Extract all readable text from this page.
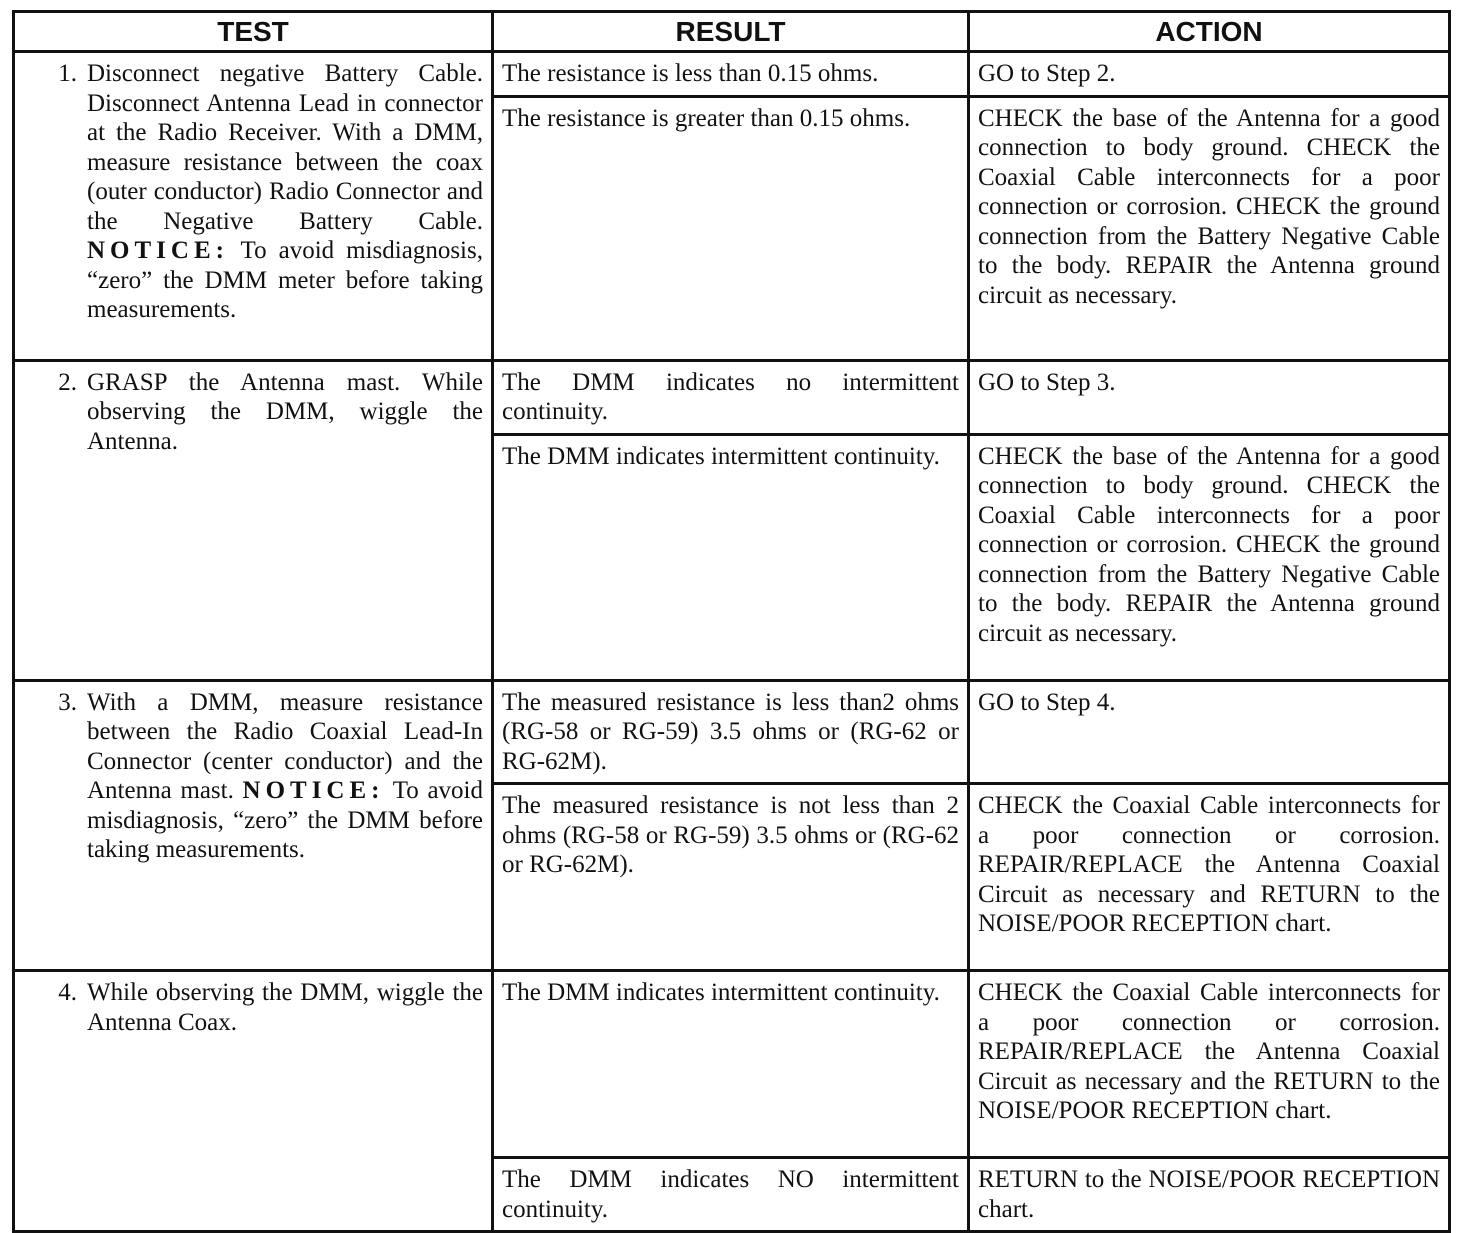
TEST	RESULT	ACTION

1. Disconnect negative Battery Cable. Disconnect Antenna Lead in connector at the Radio Receiver. With a DMM, measure resistance between the coax (outer conductor) Radio Connector and the Negative Battery Cable. NOTICE: To avoid misdiagnosis, “zero” the DMM meter before taking measurements.	The resistance is less than 0.15 ohms.	GO to Step 2.
	The resistance is greater than 0.15 ohms.	CHECK the base of the Antenna for a good connection to body ground. CHECK the Coaxial Cable interconnects for a poor connection or corrosion. CHECK the ground connection from the Battery Negative Cable to the body. REPAIR the Antenna ground circuit as necessary.

2. GRASP the Antenna mast. While observing the DMM, wiggle the Antenna.	The DMM indicates no intermittent continuity.	GO to Step 3.
	The DMM indicates intermittent continuity.	CHECK the base of the Antenna for a good connection to body ground. CHECK the Coaxial Cable interconnects for a poor connection or corrosion. CHECK the ground connection from the Battery Negative Cable to the body. REPAIR the Antenna ground circuit as necessary.

3. With a DMM, measure resistance between the Radio Coaxial Lead-In Connector (center conductor) and the Antenna mast. NOTICE: To avoid misdiagnosis, “zero” the DMM before taking measurements.	The measured resistance is less than2 ohms (RG-58 or RG-59) 3.5 ohms or (RG-62 or RG-62M).	GO to Step 4.
	The measured resistance is not less than 2 ohms (RG-58 or RG-59) 3.5 ohms or (RG-62 or RG-62M).	CHECK the Coaxial Cable interconnects for a poor connection or corrosion. REPAIR/REPLACE the Antenna Coaxial Circuit as necessary and RETURN to the NOISE/POOR RECEPTION chart.

4. While observing the DMM, wiggle the Antenna Coax.	The DMM indicates intermittent continuity.	CHECK the Coaxial Cable interconnects for a poor connection or corrosion. REPAIR/REPLACE the Antenna Coaxial Circuit as necessary and the RETURN to the NOISE/POOR RECEPTION chart.
	The DMM indicates NO intermittent continuity.	RETURN to the NOISE/POOR RECEPTION chart.
